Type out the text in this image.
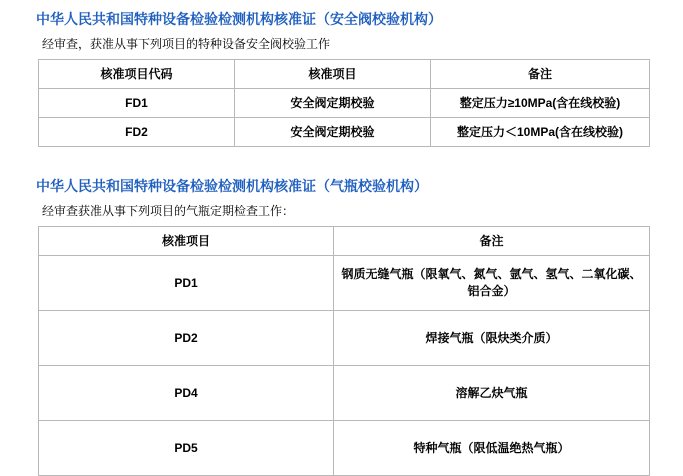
中华人民共和国特种设备检验检测机构核准证（安全阀校验机构）
经审查，获准从事下列项目的特种设备安全阀校验工作
核准项目代码	核准项目	备注
FD1	安全阀定期校验	整定压力≥10MPa(含在线校验)
FD2	安全阀定期校验	整定压力＜10MPa(含在线校验)
中华人民共和国特种设备检验检测机构核准证（气瓶校验机构）
经审查获准从事下列项目的气瓶定期检查工作：
核准项目	备注
PD1	钢质无缝气瓶（限氧气、氮气、氩气、氢气、二氧化碳、铝合金）
PD2	焊接气瓶（限炔类介质）
PD4	溶解乙炔气瓶
PD5	特种气瓶（限低温绝热气瓶）
